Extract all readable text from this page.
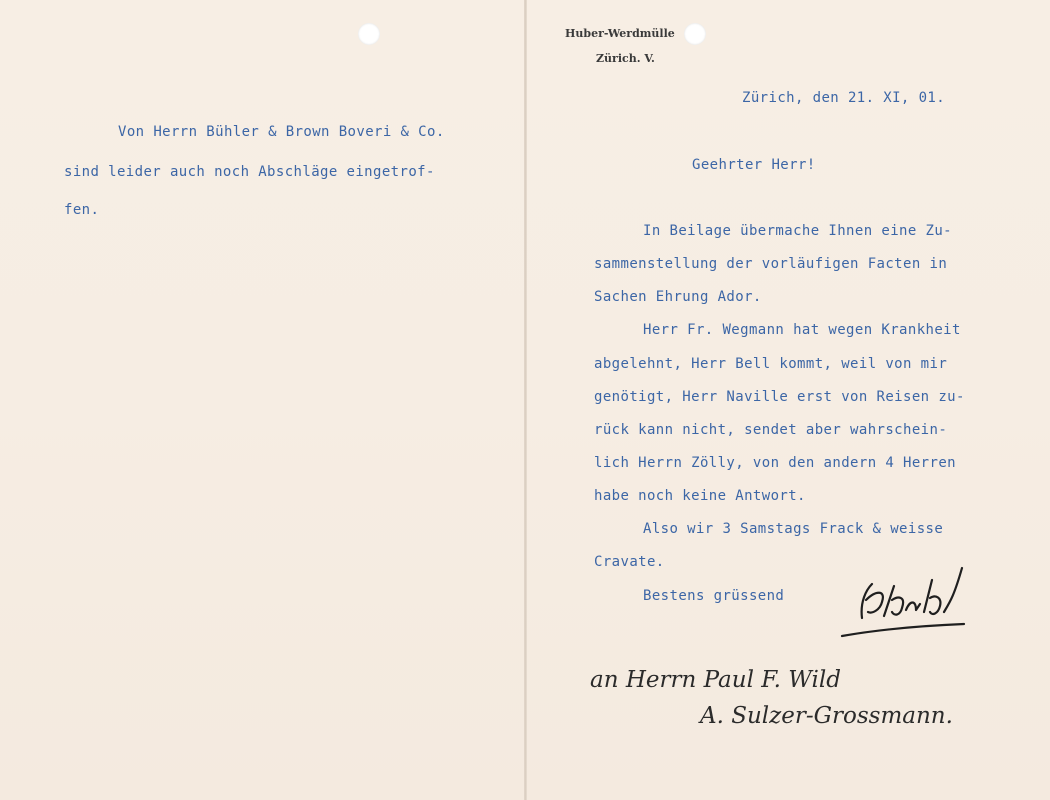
Von Herrn Bühler & Brown Boveri & Co.
sind leider auch noch Abschläge eingetrof-
fen.
Huber-Werdmülle
Zürich. V.
Zürich, den 21. XI, 01.
Geehrter Herr!
In Beilage übermache Ihnen eine Zu-
sammenstellung der vorläufigen Facten in
Sachen Ehrung Ador.
Herr Fr. Wegmann hat wegen Krankheit
abgelehnt, Herr Bell kommt, weil von mir
genötigt, Herr Naville erst von Reisen zu-
rück kann nicht, sendet aber wahrschein-
lich Herrn Zölly, von den andern 4 Herren
habe noch keine Antwort.
Also wir 3 Samstags Frack & weisse
Cravate.
Bestens grüssend
an Herrn Paul F. Wild
A. Sulzer-Grossmann.
